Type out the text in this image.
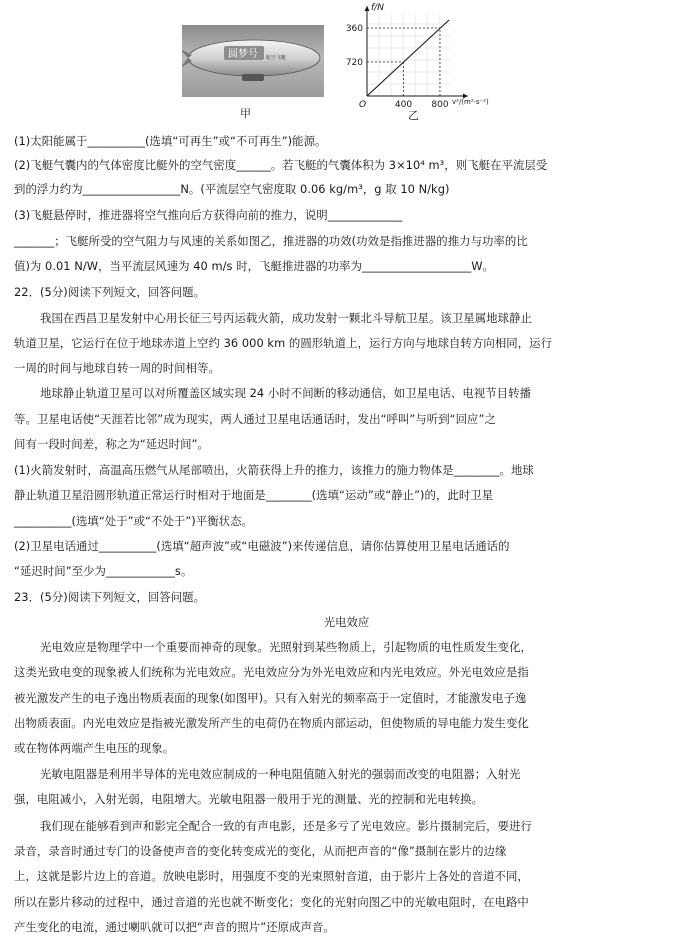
圆梦号 航空飞艇
甲
360
720
400 800
O
f/N
v²/(m²·s⁻²)
乙
(1)太阳能属于__________(选填“可再生”或“不可再生”)能源。
(2)飞艇气囊内的气体密度比艇外的空气密度______。若飞艇的气囊体积为 3×10⁴ m³，则飞艇在平流层受
到的浮力约为_________________N。(平流层空气密度取 0.06 kg/m³，g 取 10 N/kg)
(3)飞艇悬停时，推进器将空气推向后方获得向前的推力，说明_____________
_______；飞艇所受的空气阻力与风速的关系如图乙，推进器的功效(功效是指推进器的推力与功率的比
值)为 0.01 N/W，当平流层风速为 40 m/s 时，飞艇推进器的功率为___________________W。
22．(5分)阅读下列短文，回答问题。
我国在西昌卫星发射中心用长征三号丙运载火箭，成功发射一颗北斗导航卫星。该卫星属地球静止
轨道卫星，它运行在位于地球赤道上空约 36 000 km 的圆形轨道上，运行方向与地球自转方向相同，运行
一周的时间与地球自转一周的时间相等。
地球静止轨道卫星可以对所覆盖区域实现 24 小时不间断的移动通信，如卫星电话、电视节目转播
等。卫星电话使“天涯若比邻”成为现实，两人通过卫星电话通话时，发出“呼叫”与听到“回应”之
间有一段时间差，称之为“延迟时间”。
(1)火箭发射时，高温高压燃气从尾部喷出，火箭获得上升的推力，该推力的施力物体是________。地球
静止轨道卫星沿圆形轨道正常运行时相对于地面是________(选填“运动”或“静止”)的，此时卫星
__________(选填“处于”或“不处于”)平衡状态。
(2)卫星电话通过__________(选填“超声波”或“电磁波”)来传递信息，请你估算使用卫星电话通话的
“延迟时间”至少为____________s。
23．(5分)阅读下列短文，回答问题。
光电效应
光电效应是物理学中一个重要而神奇的现象。光照射到某些物质上，引起物质的电性质发生变化，
这类光致电变的现象被人们统称为光电效应。光电效应分为外光电效应和内光电效应。外光电效应是指
被光激发产生的电子逸出物质表面的现象(如图甲)。只有入射光的频率高于一定值时，才能激发电子逸
出物质表面。内光电效应是指被光激发所产生的电荷仍在物质内部运动，但使物质的导电能力发生变化
或在物体两端产生电压的现象。
光敏电阻器是利用半导体的光电效应制成的一种电阻值随入射光的强弱而改变的电阻器；入射光
强，电阻减小，入射光弱，电阻增大。光敏电阻器一般用于光的测量、光的控制和光电转换。
我们现在能够看到声和影完全配合一致的有声电影，还是多亏了光电效应。影片摄制完后，要进行
录音，录音时通过专门的设备使声音的变化转变成光的变化，从而把声音的“像”摄制在影片的边缘
上，这就是影片边上的音道。放映电影时，用强度不变的光束照射音道，由于影片上各处的音道不同，
所以在影片移动的过程中，通过音道的光也就不断变化；变化的光射向图乙中的光敏电阻时，在电路中
产生变化的电流，通过喇叭就可以把“声音的照片”还原成声音。
